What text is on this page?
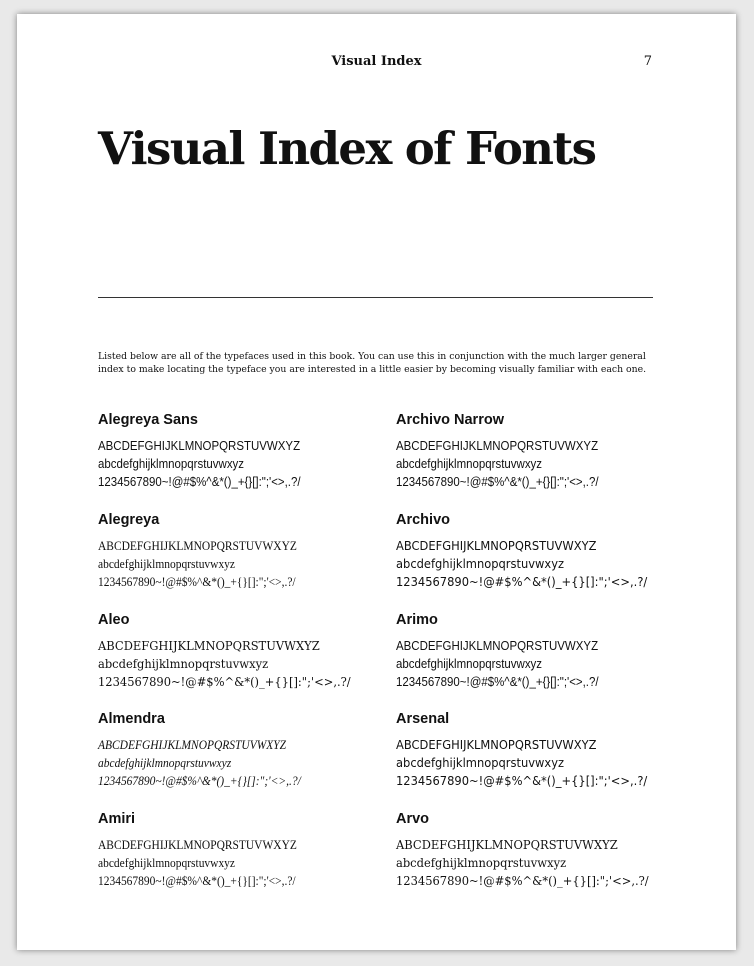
Visual Index	7
Visual Index of Fonts
Listed below are all of the typefaces used in this book. You can use this in conjunction with the much larger general index to make locating the typeface you are interested in a little easier by becoming visually familiar with each one.
Alegreya Sans
ABCDEFGHIJKLMNOPQRSTUVWXYZ
abcdefghijklmnopqrstuvwxyz
1234567890~!@#$%^&*()_+{}[]:";'<>,.?/
Alegreya
ABCDEFGHIJKLMNOPQRSTUVWXYZ
abcdefghijklmnopqrstuvwxyz
1234567890~!@#$%^&*()_+{}[]:";'<>,.?/
Aleo
ABCDEFGHIJKLMNOPQRSTUVWXYZ
abcdefghijklmnopqrstuvwxyz
1234567890~!@#$%^&*()_+{}[]:";'<>,.?/
Almendra
ABCDEFGHIJKLMNOPQRSTUVWXYZ
abcdefghijklmnopqrstuvwxyz
1234567890~!@#$%^&*()_+{}[]:";'<>,.?/
Amiri
ABCDEFGHIJKLMNOPQRSTUVWXYZ
abcdefghijklmnopqrstuvwxyz
1234567890~!@#$%^&*()_+{}[]:";'<>,.?/
Archivo Narrow
ABCDEFGHIJKLMNOPQRSTUVWXYZ
abcdefghijklmnopqrstuvwxyz
1234567890~!@#$%^&*()_+{}[]:";'<>,.?/
Archivo
ABCDEFGHIJKLMNOPQRSTUVWXYZ
abcdefghijklmnopqrstuvwxyz
1234567890~!@#$%^&*()_+{}[]:";'<>,.?/
Arimo
ABCDEFGHIJKLMNOPQRSTUVWXYZ
abcdefghijklmnopqrstuvwxyz
1234567890~!@#$%^&*()_+{}[]:";'<>,.?/
Arsenal
ABCDEFGHIJKLMNOPQRSTUVWXYZ
abcdefghijklmnopqrstuvwxyz
1234567890~!@#$%^&*()_+{}[]:";'<>,.?/
Arvo
ABCDEFGHIJKLMNOPQRSTUVWXYZ
abcdefghijklmnopqrstuvwxyz
1234567890~!@#$%^&*()_+{}[]:";'<>,.?/
